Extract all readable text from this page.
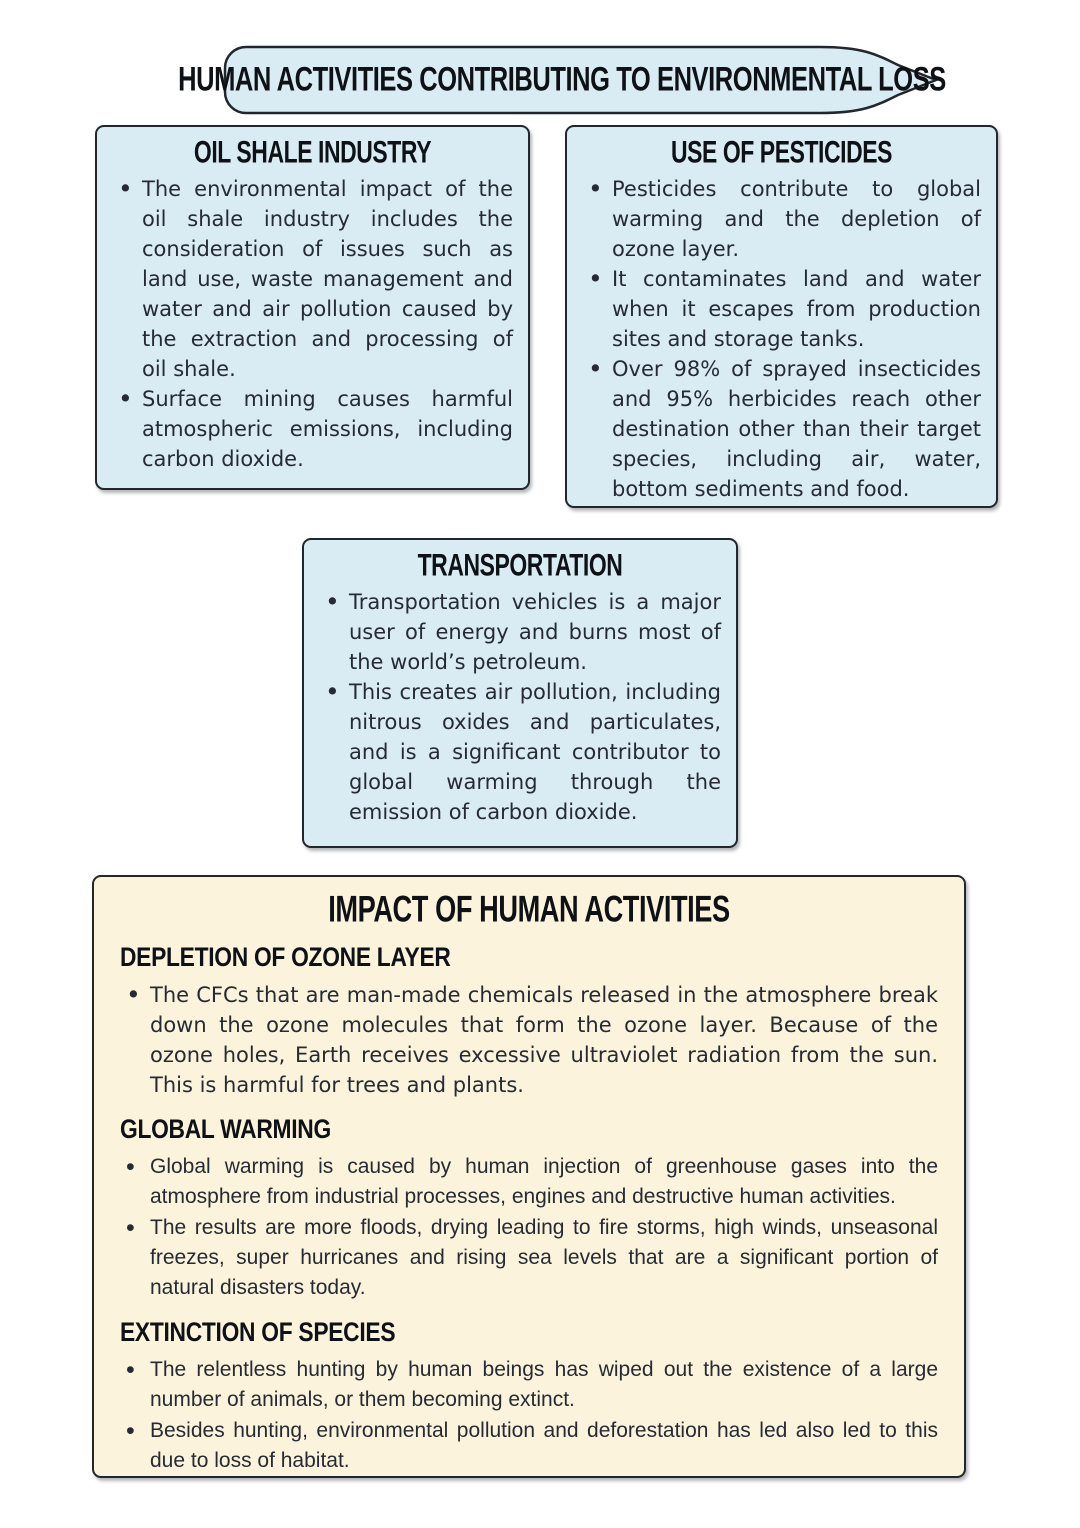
HUMAN ACTIVITIES CONTRIBUTING TO ENVIRONMENTAL LOSS
OIL SHALE INDUSTRY
• The environmental impact of the oil shale industry includes the consideration of issues such as land use, waste management and water and air pollution caused by the extraction and processing of oil shale.

• Surface mining causes harmful atmospheric emissions, including carbon dioxide.

USE OF PESTICIDES
• Pesticides contribute to global warming and the depletion of ozone layer.

• It contaminates land and water when it escapes from production sites and storage tanks.

• Over 98% of sprayed insecticides and 95% herbicides reach other destination other than their target species, including air, water, bottom sediments and food.

TRANSPORTATION
• Transportation vehicles is a major user of energy and burns most of the world’s petroleum.

• This creates air pollution, including nitrous oxides and particulates, and is a significant contributor to global warming through the emission of carbon dioxide.

IMPACT OF HUMAN ACTIVITIES
DEPLETION OF OZONE LAYER
• The CFCs that are man-made chemicals released in the atmosphere break down the ozone molecules that form the ozone layer. Because of the ozone holes, Earth receives excessive ultraviolet radiation from the sun. This is harmful for trees and plants.

GLOBAL WARMING
• Global warming is caused by human injection of greenhouse gases into the atmosphere from industrial processes, engines and destructive human activities.

• The results are more floods, drying leading to fire storms, high winds, unseasonal freezes, super hurricanes and rising sea levels that are a significant portion of natural disasters today.

EXTINCTION OF SPECIES
• The relentless hunting by human beings has wiped out the existence of a large number of animals, or them becoming extinct.

• Besides hunting, environmental pollution and deforestation has led also led to this due to loss of habitat.
